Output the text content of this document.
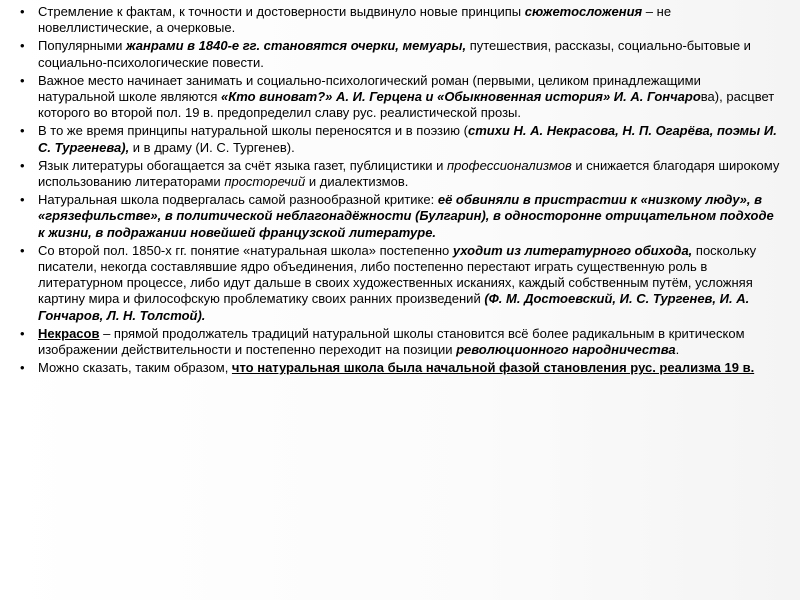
• Стремление к фактам, к точности и достоверности выдвинуло новые принципы сюжетосложения – не новеллистические, а очерковые.
• Популярными жанрами в 1840-е гг. становятся очерки, мемуары, путешествия, рассказы, социально-бытовые и социально-психологические повести.
• Важное место начинает занимать и социально-психологический роман (первыми, целиком принадлежащими натуральной школе являются «Кто виноват?» А. И. Герцена и «Обыкновенная история» И. А. Гончарова), расцвет которого во второй пол. 19 в. предопределил славу рус. реалистической прозы.
• В то же время принципы натуральной школы переносятся и в поэзию (стихи Н. А. Некрасова, Н. П. Огарёва, поэмы И. С. Тургенева), и в драму (И. С. Тургенев).
• Язык литературы обогащается за счёт языка газет, публицистики и профессионализмов и снижается благодаря широкому использованию литераторами просторечий и диалектизмов.
• Натуральная школа подвергалась самой разнообразной критике: её обвиняли в пристрастии к «низкому люду», в «грязефильстве», в политической неблагонадёжности (Булгарин), в односторонне отрицательном подходе к жизни, в подражании новейшей французской литературе.
• Со второй пол. 1850-х гг. понятие «натуральная школа» постепенно уходит из литературного обихода, поскольку писатели, некогда составлявшие ядро объединения, либо постепенно перестают играть существенную роль в литературном процессе, либо идут дальше в своих художественных исканиях, каждый собственным путём, усложняя картину мира и философскую проблематику своих ранних произведений (Ф. М. Достоевский, И. С. Тургенев, И. А. Гончаров, Л. Н. Толстой).
• Некрасов – прямой продолжатель традиций натуральной школы становится всё более радикальным в критическом изображении действительности и постепенно переходит на позиции революционного народничества.
• Можно сказать, таким образом, что натуральная школа была начальной фазой становления рус. реализма 19 в.
